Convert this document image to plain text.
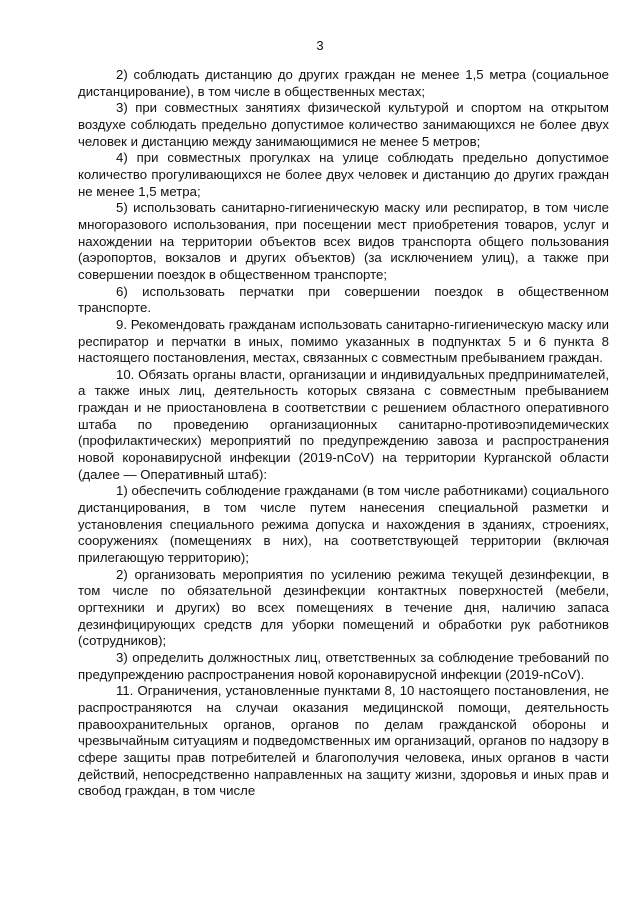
3

2) соблюдать дистанцию до других граждан не менее 1,5 метра (социальное дистанцирование), в том числе в общественных местах;

3) при совместных занятиях физической культурой и спортом на открытом воздухе соблюдать предельно допустимое количество занимающихся не более двух человек и дистанцию между занимающимися не менее 5 метров;

4) при совместных прогулках на улице соблюдать предельно допустимое количество прогуливающихся не более двух человек и дистанцию до других граждан не менее 1,5 метра;

5) использовать санитарно-гигиеническую маску или респиратор, в том числе многоразового использования, при посещении мест приобретения товаров, услуг и нахождении на территории объектов всех видов транспорта общего пользования (аэропортов, вокзалов и других объектов) (за исключением улиц), а также при совершении поездок в общественном транспорте;

6) использовать перчатки при совершении поездок в общественном транспорте.

9. Рекомендовать гражданам использовать санитарно-гигиеническую маску или респиратор и перчатки в иных, помимо указанных в подпунктах 5 и 6 пункта 8 настоящего постановления, местах, связанных с совместным пребыванием граждан.

10. Обязать органы власти, организации и индивидуальных предпринимателей, а также иных лиц, деятельность которых связана с совместным пребыванием граждан и не приостановлена в соответствии с решением областного оперативного штаба по проведению организационных санитарно-противоэпидемических (профилактических) мероприятий по предупреждению завоза и распространения новой коронавирусной инфекции (2019-nCoV) на территории Курганской области (далее — Оперативный штаб):

1) обеспечить соблюдение гражданами (в том числе работниками) социального дистанцирования, в том числе путем нанесения специальной разметки и установления специального режима допуска и нахождения в зданиях, строениях, сооружениях (помещениях в них), на соответствующей территории (включая прилегающую территорию);

2) организовать мероприятия по усилению режима текущей дезинфекции, в том числе по обязательной дезинфекции контактных поверхностей (мебели, оргтехники и других) во всех помещениях в течение дня, наличию запаса дезинфицирующих средств для уборки помещений и обработки рук работников (сотрудников);

3) определить должностных лиц, ответственных за соблюдение требований по предупреждению распространения новой коронавирусной инфекции (2019-nCoV).

11. Ограничения, установленные пунктами 8, 10 настоящего постановления, не распространяются на случаи оказания медицинской помощи, деятельность правоохранительных органов, органов по делам гражданской обороны и чрезвычайным ситуациям и подведомственных им организаций, органов по надзору в сфере защиты прав потребителей и благополучия человека, иных органов в части действий, непосредственно направленных на защиту жизни, здоровья и иных прав и свобод граждан, в том числе
